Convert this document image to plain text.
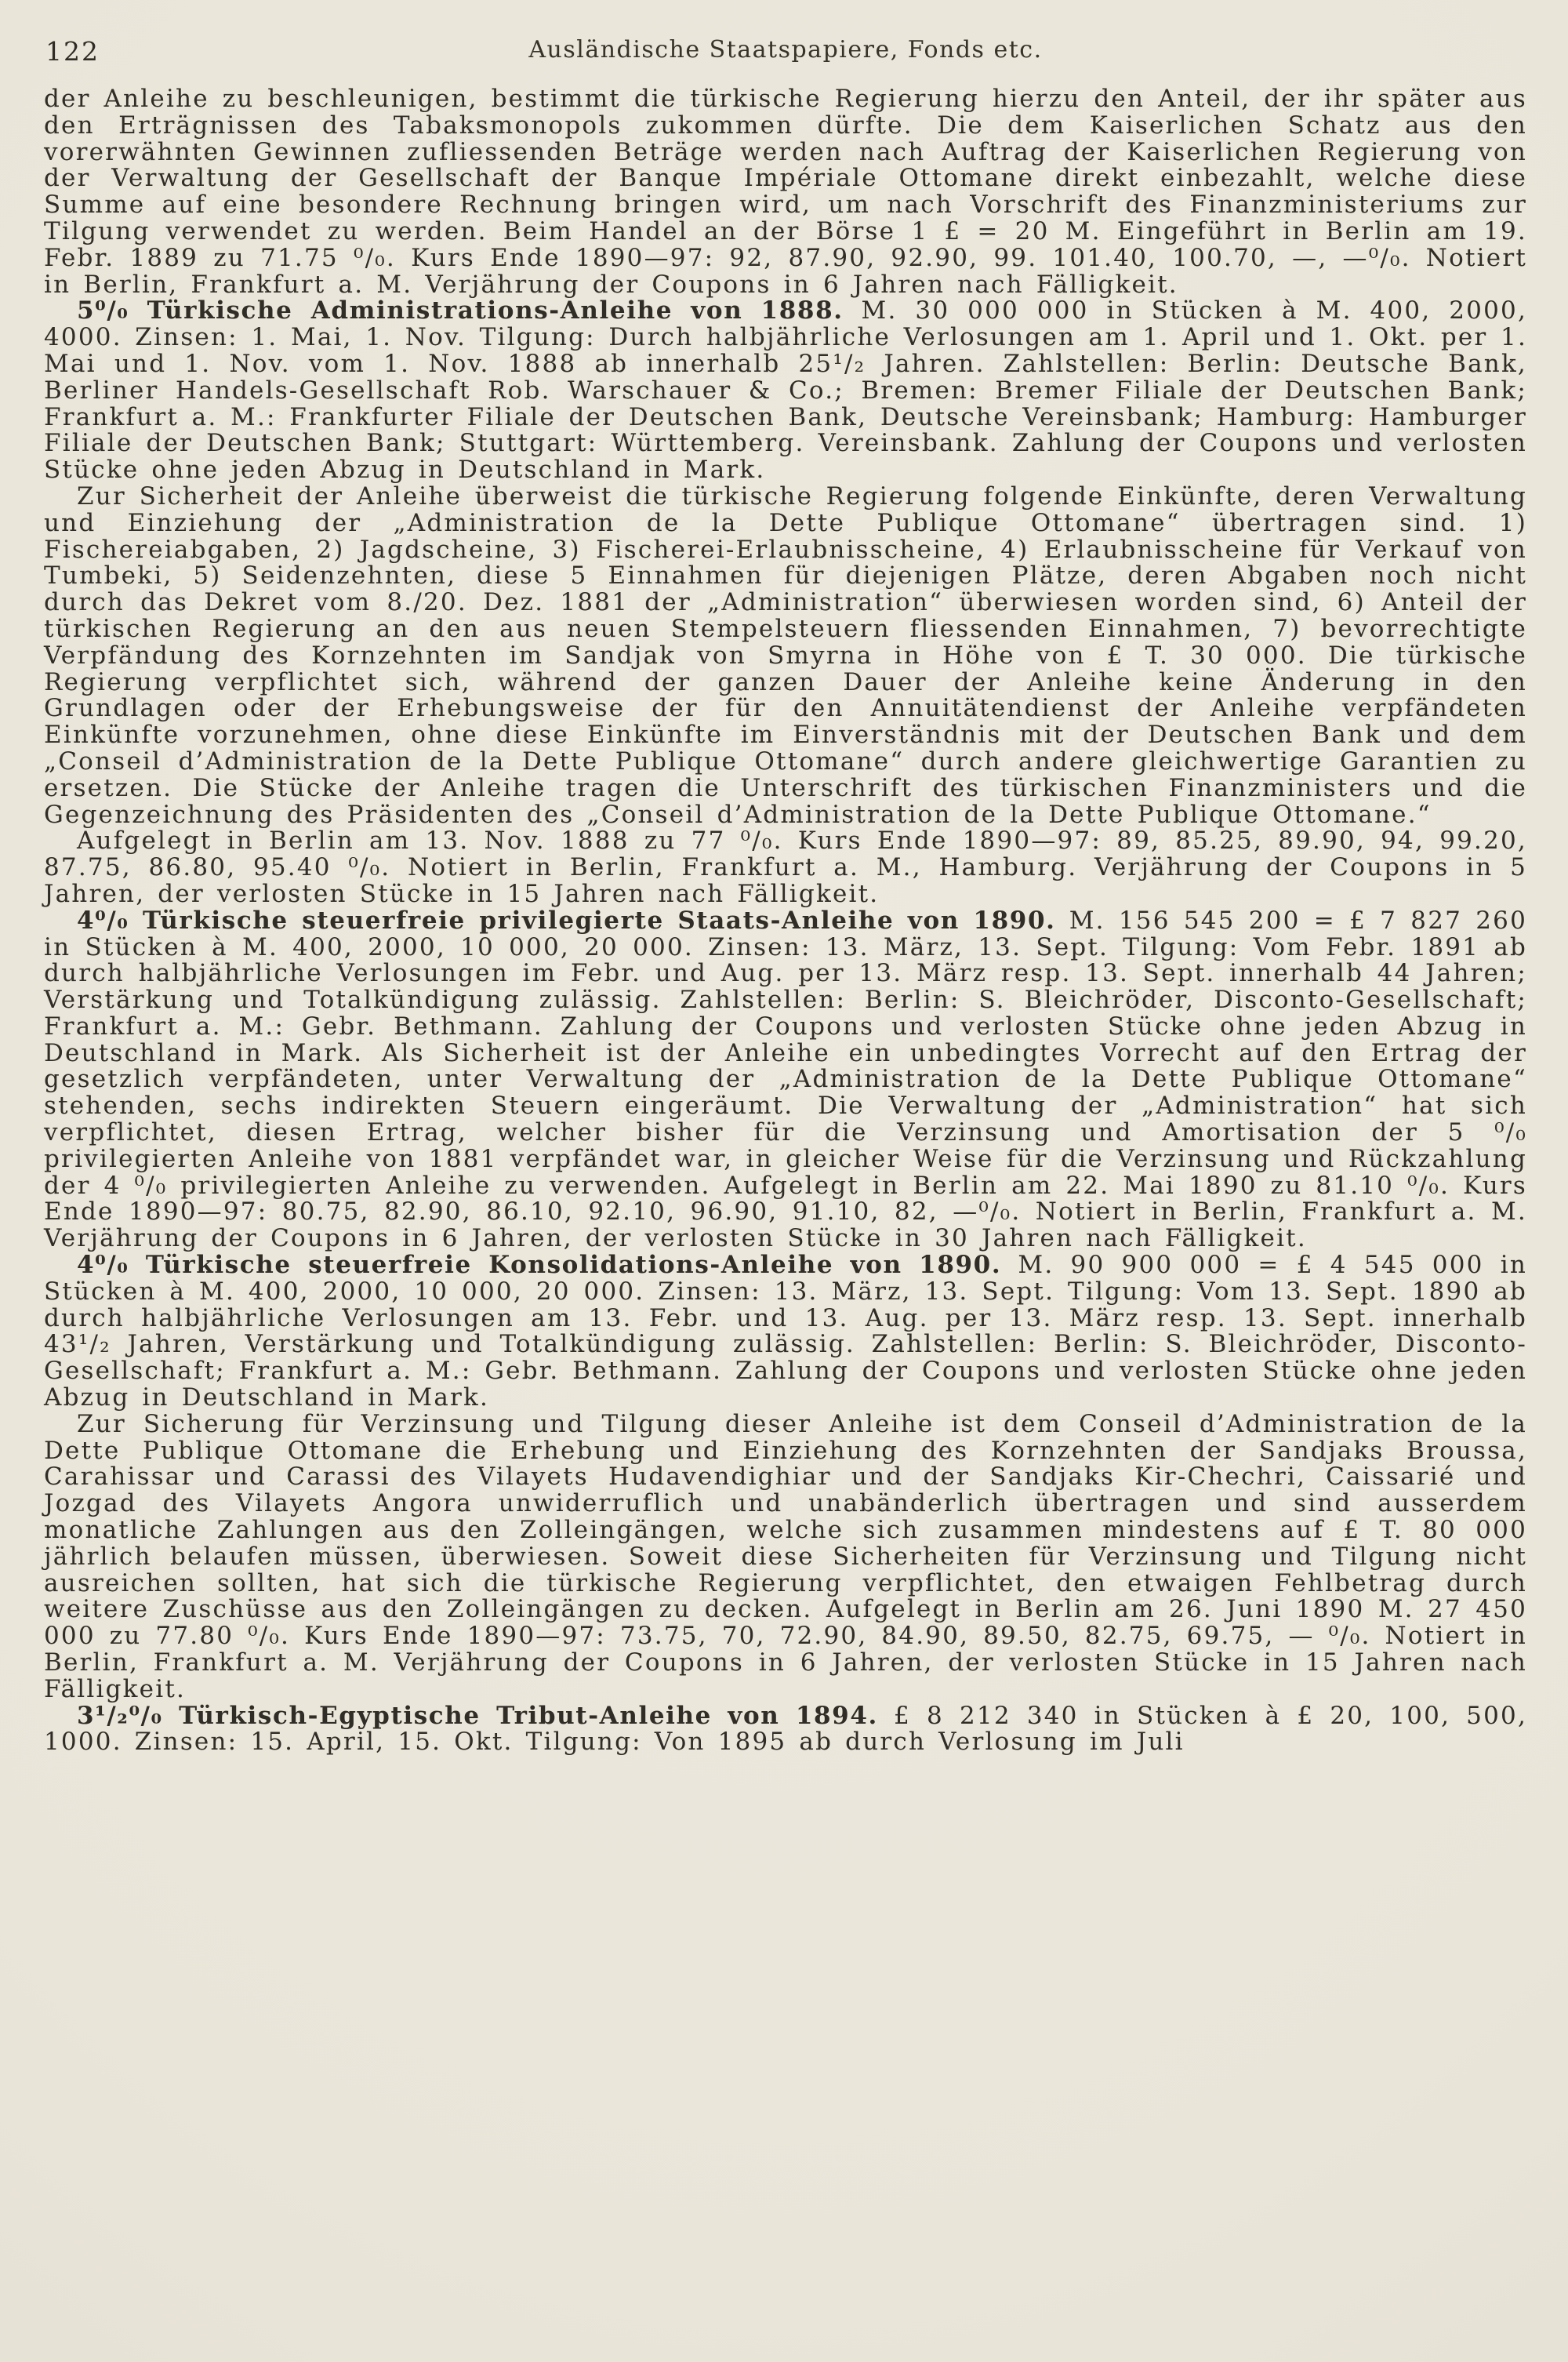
122	Ausländische Staatspapiere, Fonds etc.

der Anleihe zu beschleunigen, bestimmt die türkische Regierung hierzu den Anteil, der ihr später aus den Erträgnissen des Tabaksmonopols zukommen dürfte. Die dem Kaiserlichen Schatz aus den vorerwähnten Gewinnen zufliessenden Beträge werden nach Auftrag der Kaiserlichen Regierung von der Verwaltung der Gesellschaft der Banque Impériale Ottomane direkt einbezahlt, welche diese Summe auf eine besondere Rechnung bringen wird, um nach Vorschrift des Finanzministeriums zur Tilgung verwendet zu werden. Beim Handel an der Börse 1 £ = 20 M. Eingeführt in Berlin am 19. Febr. 1889 zu 71.75 ⁰/₀. Kurs Ende 1890—97: 92, 87.90, 92.90, 99. 101.40, 100.70, —, —⁰/₀. Notiert in Berlin, Frankfurt a. M. Verjährung der Coupons in 6 Jahren nach Fälligkeit.

5⁰/₀ Türkische Administrations-Anleihe von 1888. M. 30 000 000 in Stücken à M. 400, 2000, 4000. Zinsen: 1. Mai, 1. Nov. Tilgung: Durch halbjährliche Verlosungen am 1. April und 1. Okt. per 1. Mai und 1. Nov. vom 1. Nov. 1888 ab innerhalb 25¹/₂ Jahren. Zahlstellen: Berlin: Deutsche Bank, Berliner Handels-Gesellschaft Rob. Warschauer & Co.; Bremen: Bremer Filiale der Deutschen Bank; Frankfurt a. M.: Frankfurter Filiale der Deutschen Bank, Deutsche Vereinsbank; Hamburg: Hamburger Filiale der Deutschen Bank; Stuttgart: Württemberg. Vereinsbank. Zahlung der Coupons und verlosten Stücke ohne jeden Abzug in Deutschland in Mark.

Zur Sicherheit der Anleihe überweist die türkische Regierung folgende Einkünfte, deren Verwaltung und Einziehung der „Administration de la Dette Publique Ottomane“ übertragen sind. 1) Fischereiabgaben, 2) Jagdscheine, 3) Fischerei-Erlaubnisscheine, 4) Erlaubnisscheine für Verkauf von Tumbeki, 5) Seidenzehnten, diese 5 Einnahmen für diejenigen Plätze, deren Abgaben noch nicht durch das Dekret vom 8./20. Dez. 1881 der „Administration“ überwiesen worden sind, 6) Anteil der türkischen Regierung an den aus neuen Stempelsteuern fliessenden Einnahmen, 7) bevorrechtigte Verpfändung des Kornzehnten im Sandjak von Smyrna in Höhe von £ T. 30 000. Die türkische Regierung verpflichtet sich, während der ganzen Dauer der Anleihe keine Änderung in den Grundlagen oder der Erhebungsweise der für den Annuitätendienst der Anleihe verpfändeten Einkünfte vorzunehmen, ohne diese Einkünfte im Einverständnis mit der Deutschen Bank und dem „Conseil d’Administration de la Dette Publique Ottomane“ durch andere gleichwertige Garantien zu ersetzen. Die Stücke der Anleihe tragen die Unterschrift des türkischen Finanzministers und die Gegenzeichnung des Präsidenten des „Conseil d’Administration de la Dette Publique Ottomane.“

Aufgelegt in Berlin am 13. Nov. 1888 zu 77 ⁰/₀. Kurs Ende 1890—97: 89, 85.25, 89.90, 94, 99.20, 87.75, 86.80, 95.40 ⁰/₀. Notiert in Berlin, Frankfurt a. M., Hamburg. Verjährung der Coupons in 5 Jahren, der verlosten Stücke in 15 Jahren nach Fälligkeit.

4⁰/₀ Türkische steuerfreie privilegierte Staats-Anleihe von 1890. M. 156 545 200 = £ 7 827 260 in Stücken à M. 400, 2000, 10 000, 20 000. Zinsen: 13. März, 13. Sept. Tilgung: Vom Febr. 1891 ab durch halbjährliche Verlosungen im Febr. und Aug. per 13. März resp. 13. Sept. innerhalb 44 Jahren; Verstärkung und Totalkündigung zulässig. Zahlstellen: Berlin: S. Bleichröder, Disconto-Gesellschaft; Frankfurt a. M.: Gebr. Bethmann. Zahlung der Coupons und verlosten Stücke ohne jeden Abzug in Deutschland in Mark. Als Sicherheit ist der Anleihe ein unbedingtes Vorrecht auf den Ertrag der gesetzlich verpfändeten, unter Verwaltung der „Administration de la Dette Publique Ottomane“ stehenden, sechs indirekten Steuern eingeräumt. Die Verwaltung der „Administration“ hat sich verpflichtet, diesen Ertrag, welcher bisher für die Verzinsung und Amortisation der 5 ⁰/₀ privilegierten Anleihe von 1881 verpfändet war, in gleicher Weise für die Verzinsung und Rückzahlung der 4 ⁰/₀ privilegierten Anleihe zu verwenden. Aufgelegt in Berlin am 22. Mai 1890 zu 81.10 ⁰/₀. Kurs Ende 1890—97: 80.75, 82.90, 86.10, 92.10, 96.90, 91.10, 82, —⁰/₀. Notiert in Berlin, Frankfurt a. M. Verjährung der Coupons in 6 Jahren, der verlosten Stücke in 30 Jahren nach Fälligkeit.

4⁰/₀ Türkische steuerfreie Konsolidations-Anleihe von 1890. M. 90 900 000 = £ 4 545 000 in Stücken à M. 400, 2000, 10 000, 20 000. Zinsen: 13. März, 13. Sept. Tilgung: Vom 13. Sept. 1890 ab durch halbjährliche Verlosungen am 13. Febr. und 13. Aug. per 13. März resp. 13. Sept. innerhalb 43¹/₂ Jahren, Verstärkung und Totalkündigung zulässig. Zahlstellen: Berlin: S. Bleichröder, Disconto-Gesellschaft; Frankfurt a. M.: Gebr. Bethmann. Zahlung der Coupons und verlosten Stücke ohne jeden Abzug in Deutschland in Mark.

Zur Sicherung für Verzinsung und Tilgung dieser Anleihe ist dem Conseil d’Administration de la Dette Publique Ottomane die Erhebung und Einziehung des Kornzehnten der Sandjaks Broussa, Carahissar und Carassi des Vilayets Hudavendighiar und der Sandjaks Kir-Chechri, Caissarié und Jozgad des Vilayets Angora unwiderruflich und unabänderlich übertragen und sind ausserdem monatliche Zahlungen aus den Zolleingängen, welche sich zusammen mindestens auf £ T. 80 000 jährlich belaufen müssen, überwiesen. Soweit diese Sicherheiten für Verzinsung und Tilgung nicht ausreichen sollten, hat sich die türkische Regierung verpflichtet, den etwaigen Fehlbetrag durch weitere Zuschüsse aus den Zolleingängen zu decken. Aufgelegt in Berlin am 26. Juni 1890 M. 27 450 000 zu 77.80 ⁰/₀. Kurs Ende 1890—97: 73.75, 70, 72.90, 84.90, 89.50, 82.75, 69.75, — ⁰/₀. Notiert in Berlin, Frankfurt a. M. Verjährung der Coupons in 6 Jahren, der verlosten Stücke in 15 Jahren nach Fälligkeit.

3¹/₂⁰/₀ Türkisch-Egyptische Tribut-Anleihe von 1894. £ 8 212 340 in Stücken à £ 20, 100, 500, 1000. Zinsen: 15. April, 15. Okt. Tilgung: Von 1895 ab durch Verlosung im Juli
